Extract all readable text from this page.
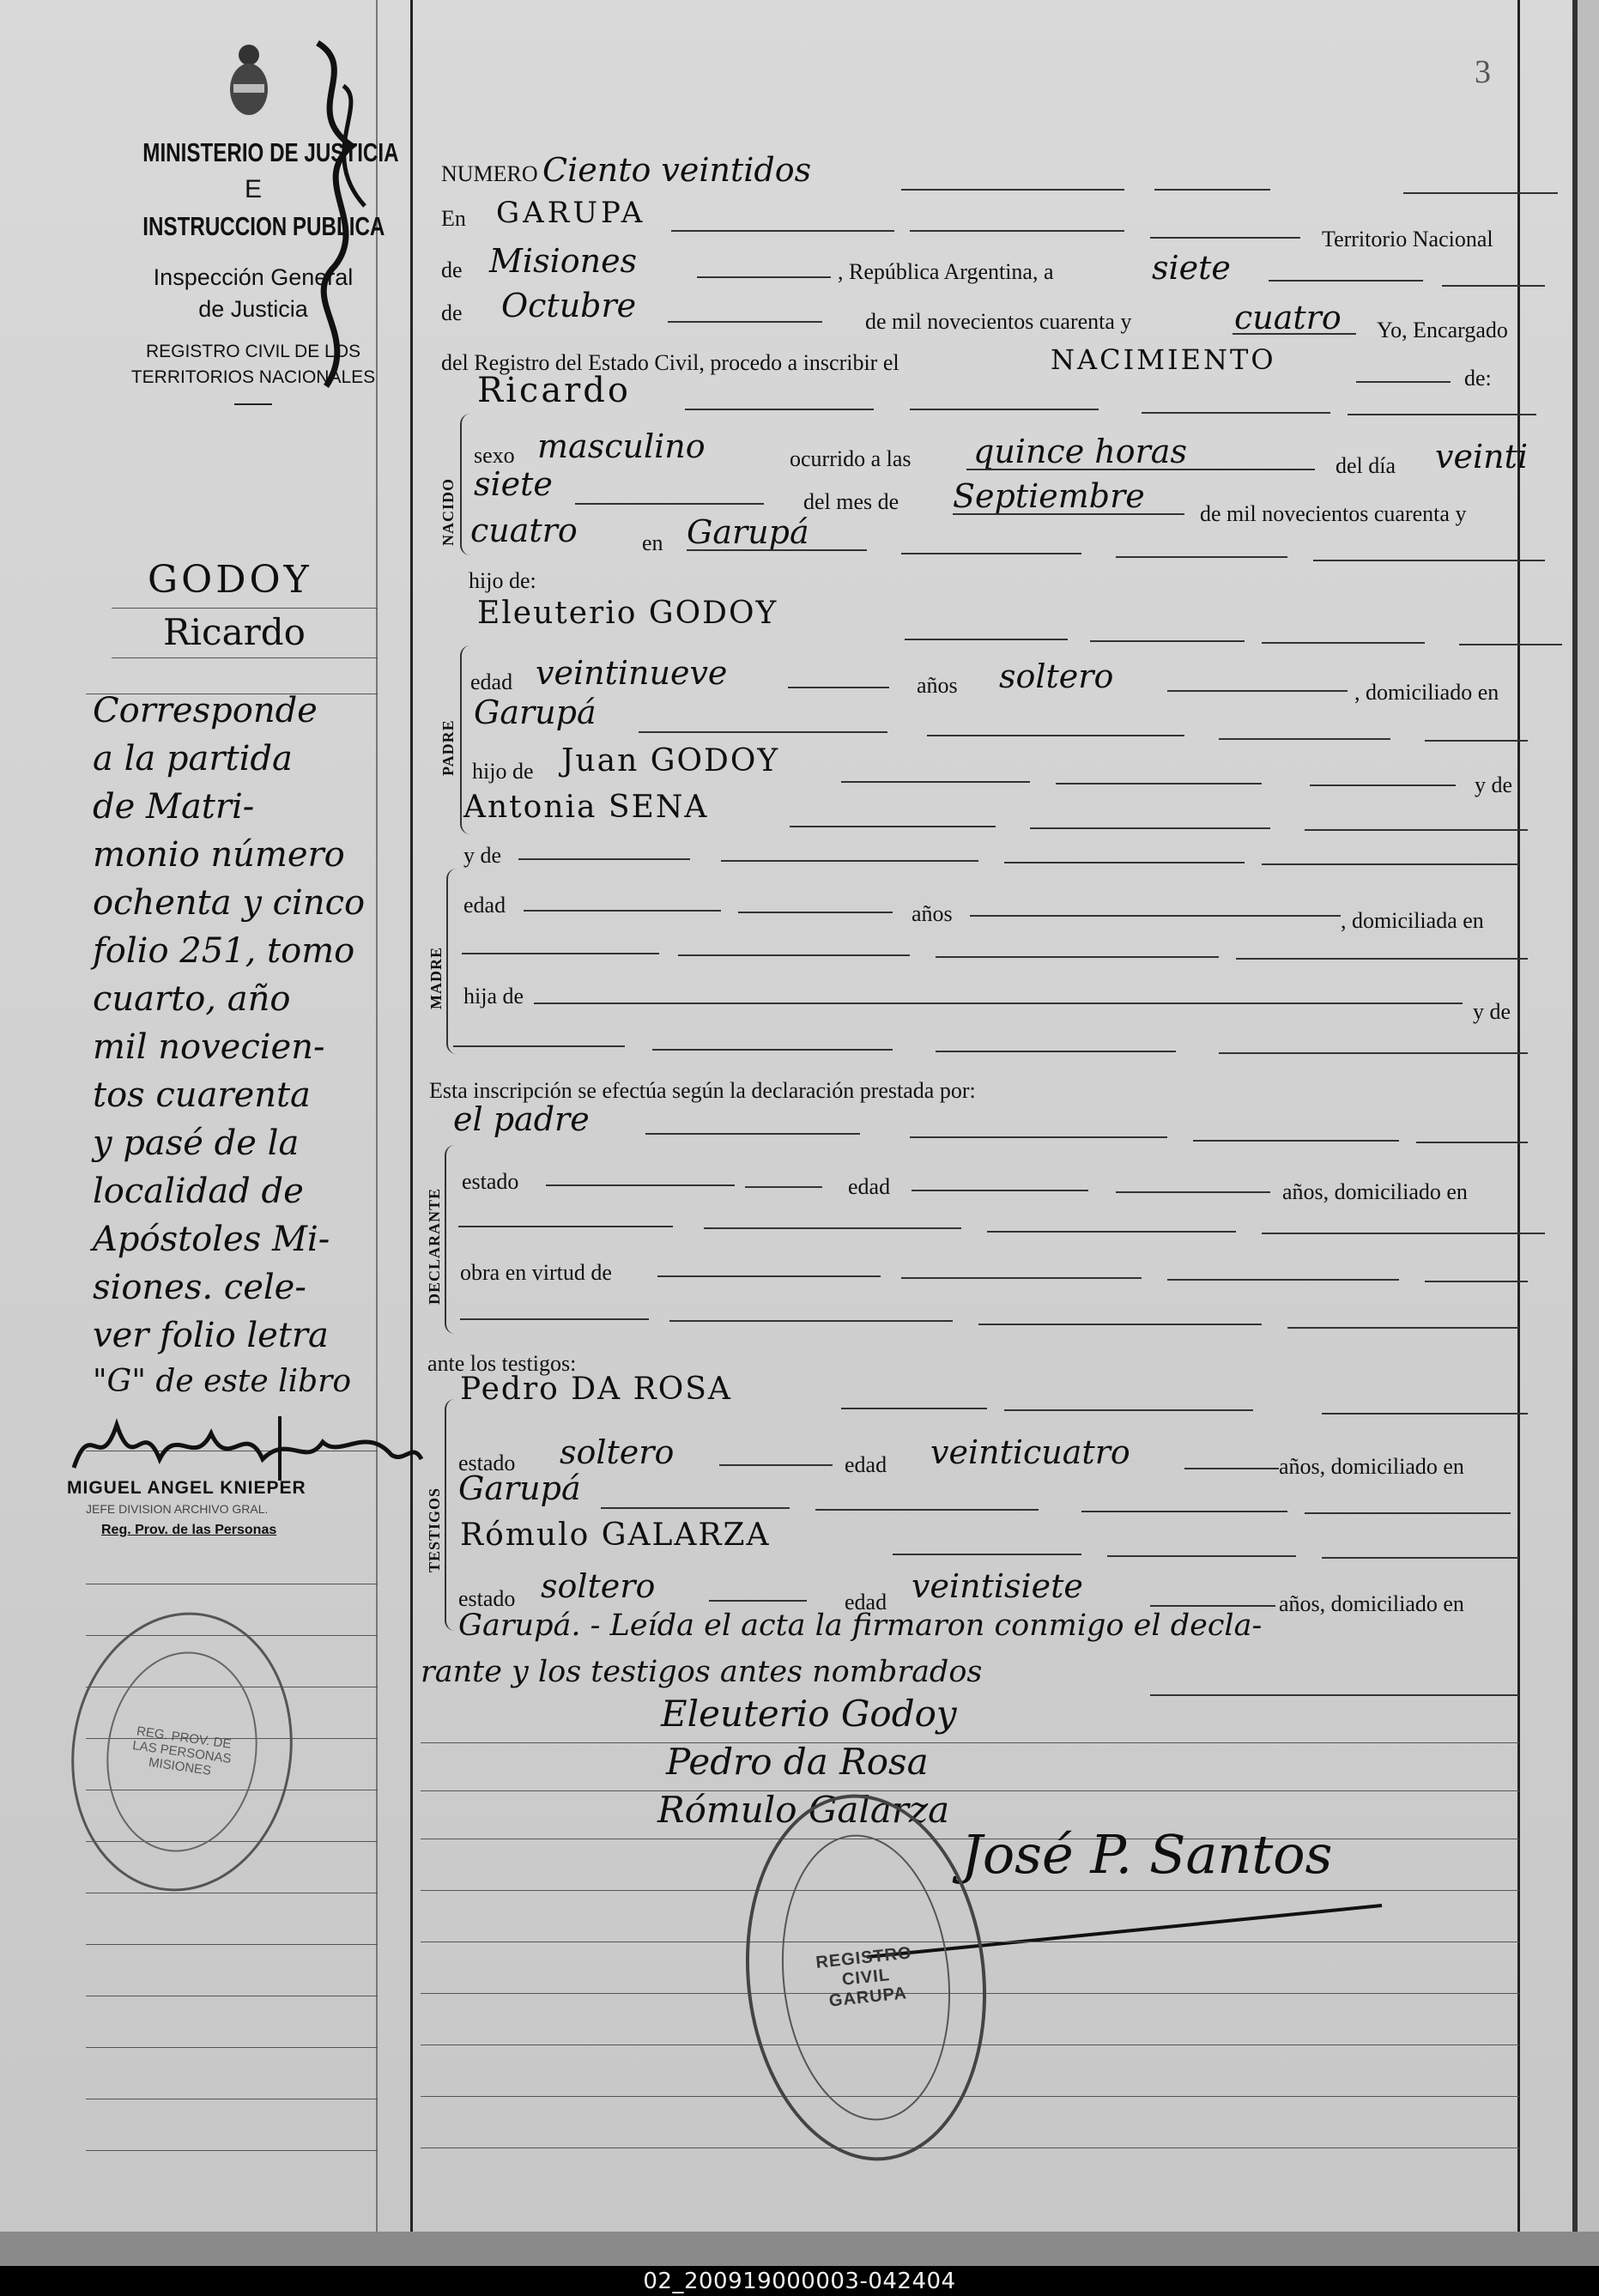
3
MINISTERIO DE JUSTICIA
E
INSTRUCCION PUBLICA
Inspección General
de Justicia
REGISTRO CIVIL DE LOS
TERRITORIOS NACIONALES
GODOY
Ricardo
Corresponde
a la partida
de Matri-
monio número
ochenta y cinco
folio 251, tomo
cuarto, año
mil novecien-
tos cuarenta
y pasé de la
localidad de
Apóstoles Mi-
siones. cele-
ver folio letra
"G" de este libro
MIGUEL ANGEL KNIEPER
JEFE DIVISION ARCHIVO GRAL.
Reg. Prov. de las Personas
REG. PROV. DE LAS PERSONAS MISIONES
NUMERO Ciento veintidos
En GARUPA
Territorio Nacional
de Misiones	, República Argentina, a	siete
de Octubre	de mil novecientos cuarenta y	cuatro Yo, Encargado
del Registro del Estado Civil, procedo a inscribir el	NACIMIENTO
de:
Ricardo
NACIDO
sexo masculino	ocurrido a las quince horas	del día veinti
siete	del mes de Septiembre de mil novecientos cuarenta y
cuatro	en Garupá
hijo de:
Eleuterio GODOY
PADRE
edad veintinueve	años soltero	, domiciliado en
Garupá
hijo de Juan GODOY
y de
Antonia SENA
y de
MADRE
edad	años	, domiciliada en
hija de
y de
Esta inscripción se efectúa según la declaración prestada por:
el padre
DECLARANTE
estado	edad	años, domiciliado en
obra en virtud de
ante los testigos:
Pedro DA ROSA
TESTIGOS
estado soltero	edad veinticuatro	años, domiciliado en
Garupá
Rómulo GALARZA
estado soltero	edad veintisiete	años, domiciliado en
Garupá. - Leída el acta la firmaron conmigo el decla-
rante y los testigos antes nombrados
Eleuterio Godoy
Pedro da Rosa
Rómulo Galarza
José P. Santos
REGISTRO CIVIL GARUPA
02_200919000003-042404
